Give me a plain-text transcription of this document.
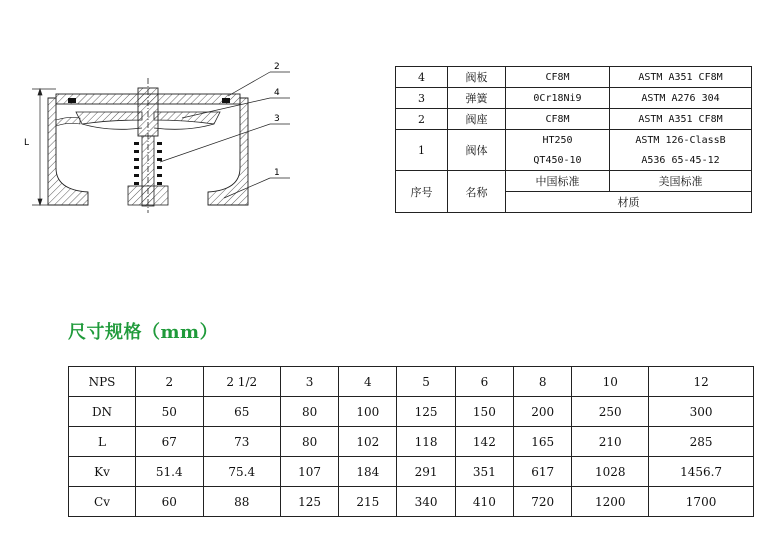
L
2
4
3
1
4	阀板	CF8M	ASTM A351 CF8M
3	弹簧	0Cr18Ni9	ASTM A276 304
2	阀座	CF8M	ASTM A351 CF8M
1	阀体	HT250	ASTM 126-ClassB
		QT450-10	A536 65-45-12
序号	名称	中国标准	美国标准
		材质	
尺寸规格（mm）
NPS	2	2 1/2	3	4	5	6	8	10	12
DN	50	65	80	100	125	150	200	250	300
L	67	73	80	102	118	142	165	210	285
Kv	51.4	75.4	107	184	291	351	617	1028	1456.7
Cv	60	88	125	215	340	410	720	1200	1700
